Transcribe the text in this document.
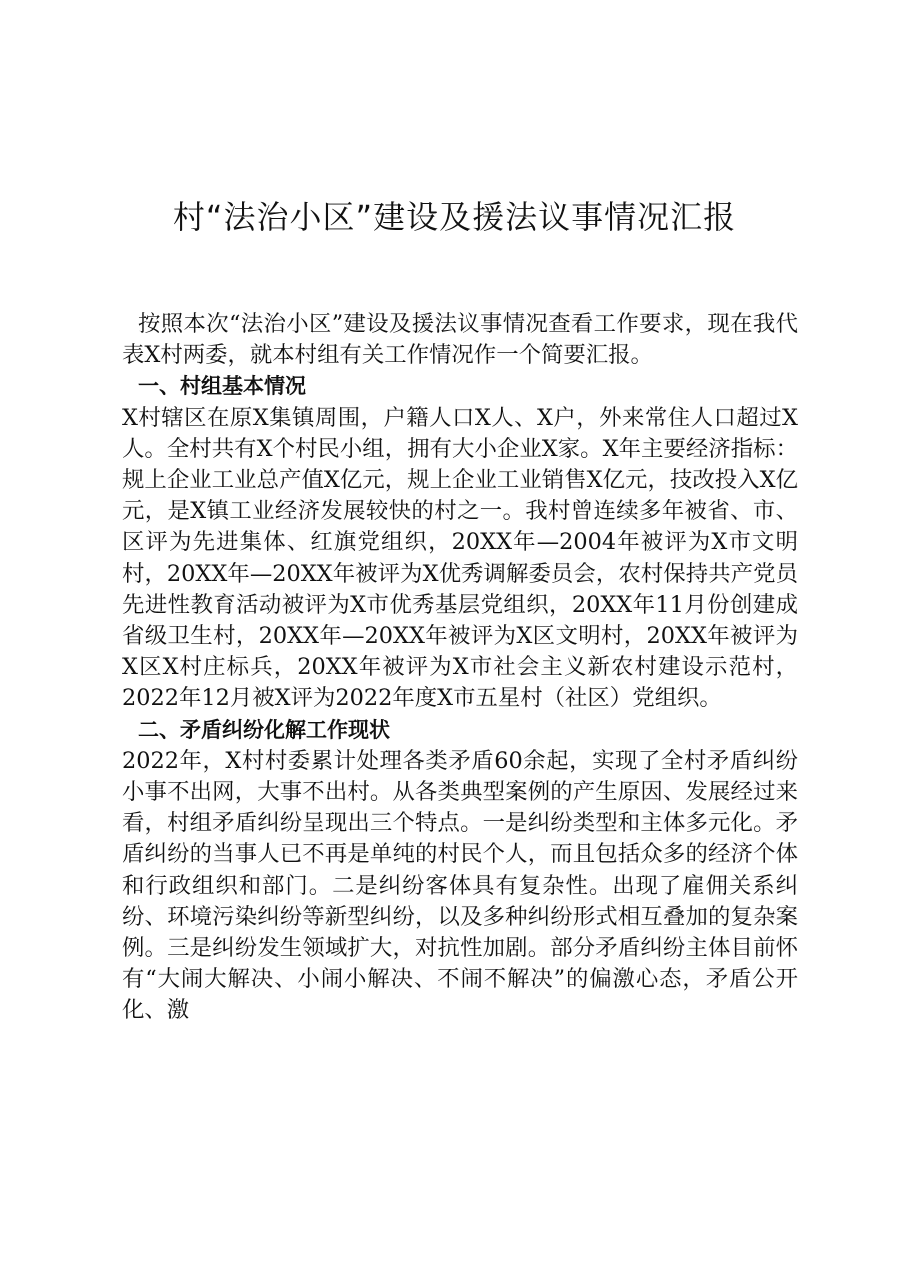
村“法治小区”建设及援法议事情况汇报

按照本次“法治小区”建设及援法议事情况查看工作要求，现在我代表X村两委，就本村组有关工作情况作一个简要汇报。

一、村组基本情况

X村辖区在原X集镇周围，户籍人口X人、X户，外来常住人口超过X人。全村共有X个村民小组，拥有大小企业X家。X年主要经济指标：规上企业工业总产值X亿元，规上企业工业销售X亿元，技改投入X亿元，是X镇工业经济发展较快的村之一。我村曾连续多年被省、市、区评为先进集体、红旗党组织，20XX年—2004年被评为X市文明村，20XX年—20XX年被评为X优秀调解委员会，农村保持共产党员先进性教育活动被评为X市优秀基层党组织，20XX年11月份创建成省级卫生村，20XX年—20XX年被评为X区文明村，20XX年被评为X区X村庄标兵，20XX年被评为X市社会主义新农村建设示范村，2022年12月被X评为2022年度X市五星村（社区）党组织。

二、矛盾纠纷化解工作现状

2022年，X村村委累计处理各类矛盾60余起，实现了全村矛盾纠纷小事不出网，大事不出村。从各类典型案例的产生原因、发展经过来看，村组矛盾纠纷呈现出三个特点。一是纠纷类型和主体多元化。矛盾纠纷的当事人已不再是单纯的村民个人，而且包括众多的经济个体和行政组织和部门。二是纠纷客体具有复杂性。出现了雇佣关系纠纷、环境污染纠纷等新型纠纷，以及多种纠纷形式相互叠加的复杂案例。三是纠纷发生领域扩大，对抗性加剧。部分矛盾纠纷主体目前怀有“大闹大解决、小闹小解决、不闹不解决”的偏激心态，矛盾公开化、激
